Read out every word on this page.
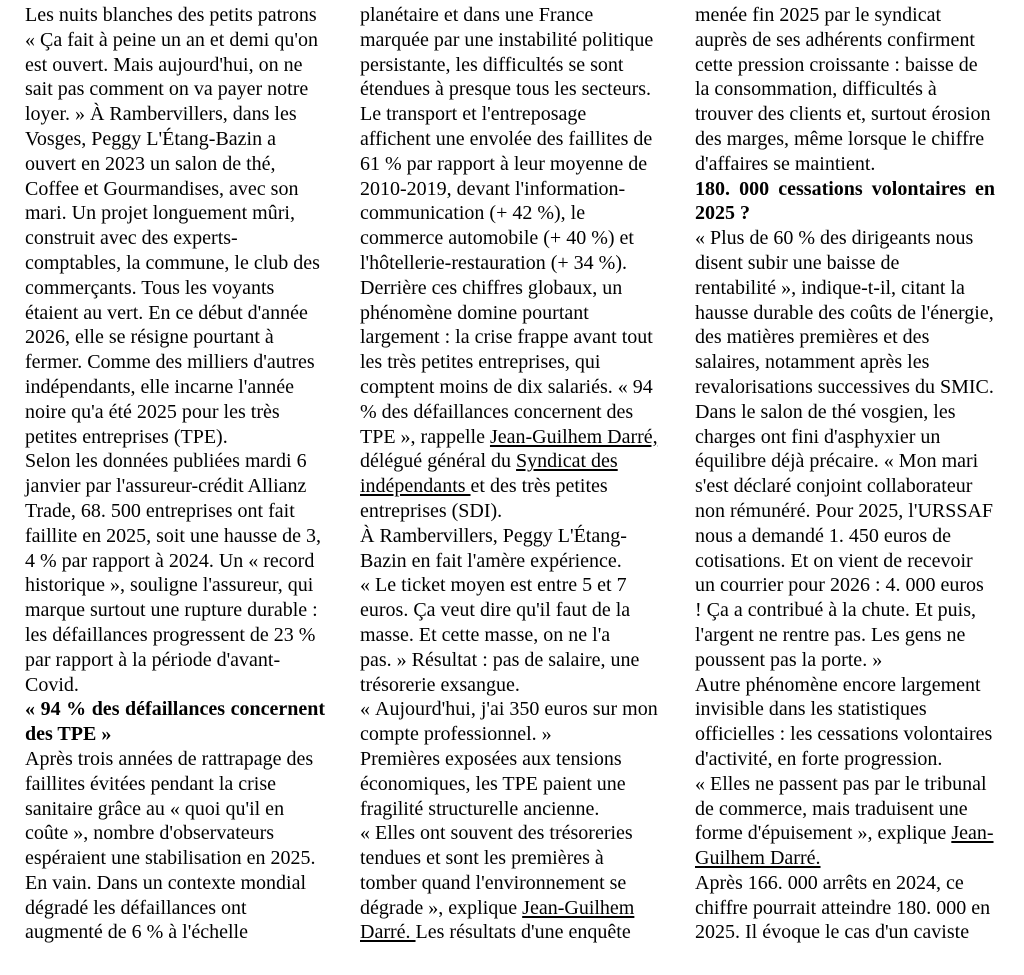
Les nuits blanches des petits patrons

« Ça fait à peine un an et demi qu'on est ouvert. Mais aujourd'hui, on ne sait pas comment on va payer notre loyer. » À Rambervillers, dans les Vosges, Peggy L'Étang-Bazin a ouvert en 2023 un salon de thé, Coffee et Gourmandises, avec son mari. Un projet longuement mûri, construit avec des experts-comptables, la commune, le club des commerçants. Tous les voyants étaient au vert. En ce début d'année 2026, elle se résigne pourtant à fermer. Comme des milliers d'autres indépendants, elle incarne l'année noire qu'a été 2025 pour les très petites entreprises (TPE).

Selon les données publiées mardi 6 janvier par l'assureur-crédit Allianz Trade, 68. 500 entreprises ont fait faillite en 2025, soit une hausse de 3, 4 % par rapport à 2024. Un « record historique », souligne l'assureur, qui marque surtout une rupture durable : les défaillances progressent de 23 % par rapport à la période d'avant-Covid.

« 94 % des défaillances concernent des TPE »

Après trois années de rattrapage des faillites évitées pendant la crise sanitaire grâce au « quoi qu'il en coûte », nombre d'observateurs espéraient une stabilisation en 2025. En vain. Dans un contexte mondial dégradé les défaillances ont augmenté de 6 % à l'échelle

planétaire et dans une France marquée par une instabilité politique persistante, les difficultés se sont étendues à presque tous les secteurs. Le transport et l'entreposage affichent une envolée des faillites de 61 % par rapport à leur moyenne de 2010-2019, devant l'information-communication (+ 42 %), le commerce automobile (+ 40 %) et l'hôtellerie-restauration (+ 34 %).

Derrière ces chiffres globaux, un phénomène domine pourtant largement : la crise frappe avant tout les très petites entreprises, qui comptent moins de dix salariés. « 94 % des défaillances concernent des TPE », rappelle Jean-Guilhem Darré, délégué général du Syndicat des indépendants et des très petites entreprises (SDI).

À Rambervillers, Peggy L'Étang-Bazin en fait l'amère expérience. « Le ticket moyen est entre 5 et 7 euros. Ça veut dire qu'il faut de la masse. Et cette masse, on ne l'a pas. » Résultat : pas de salaire, une trésorerie exsangue.

« Aujourd'hui, j'ai 350 euros sur mon compte professionnel. »

Premières exposées aux tensions économiques, les TPE paient une fragilité structurelle ancienne.

« Elles ont souvent des trésoreries tendues et sont les premières à tomber quand l'environnement se dégrade », explique Jean-Guilhem Darré. Les résultats d'une enquête

menée fin 2025 par le syndicat auprès de ses adhérents confirment cette pression croissante : baisse de la consommation, difficultés à trouver des clients et, surtout érosion des marges, même lorsque le chiffre d'affaires se maintient.

180. 000 cessations volontaires en 2025 ?

« Plus de 60 % des dirigeants nous disent subir une baisse de rentabilité », indique-t-il, citant la hausse durable des coûts de l'énergie, des matières premières et des salaires, notamment après les revalorisations successives du SMIC.

Dans le salon de thé vosgien, les charges ont fini d'asphyxier un équilibre déjà précaire. « Mon mari s'est déclaré conjoint collaborateur non rémunéré. Pour 2025, l'URSSAF nous a demandé 1. 450 euros de cotisations. Et on vient de recevoir un courrier pour 2026 : 4. 000 euros ! Ça a contribué à la chute. Et puis, l'argent ne rentre pas. Les gens ne poussent pas la porte. »

Autre phénomène encore largement invisible dans les statistiques officielles : les cessations volontaires d'activité, en forte progression. « Elles ne passent pas par le tribunal de commerce, mais traduisent une forme d'épuisement », explique Jean-Guilhem Darré.

Après 166. 000 arrêts en 2024, ce chiffre pourrait atteindre 180. 000 en 2025. Il évoque le cas d'un caviste
